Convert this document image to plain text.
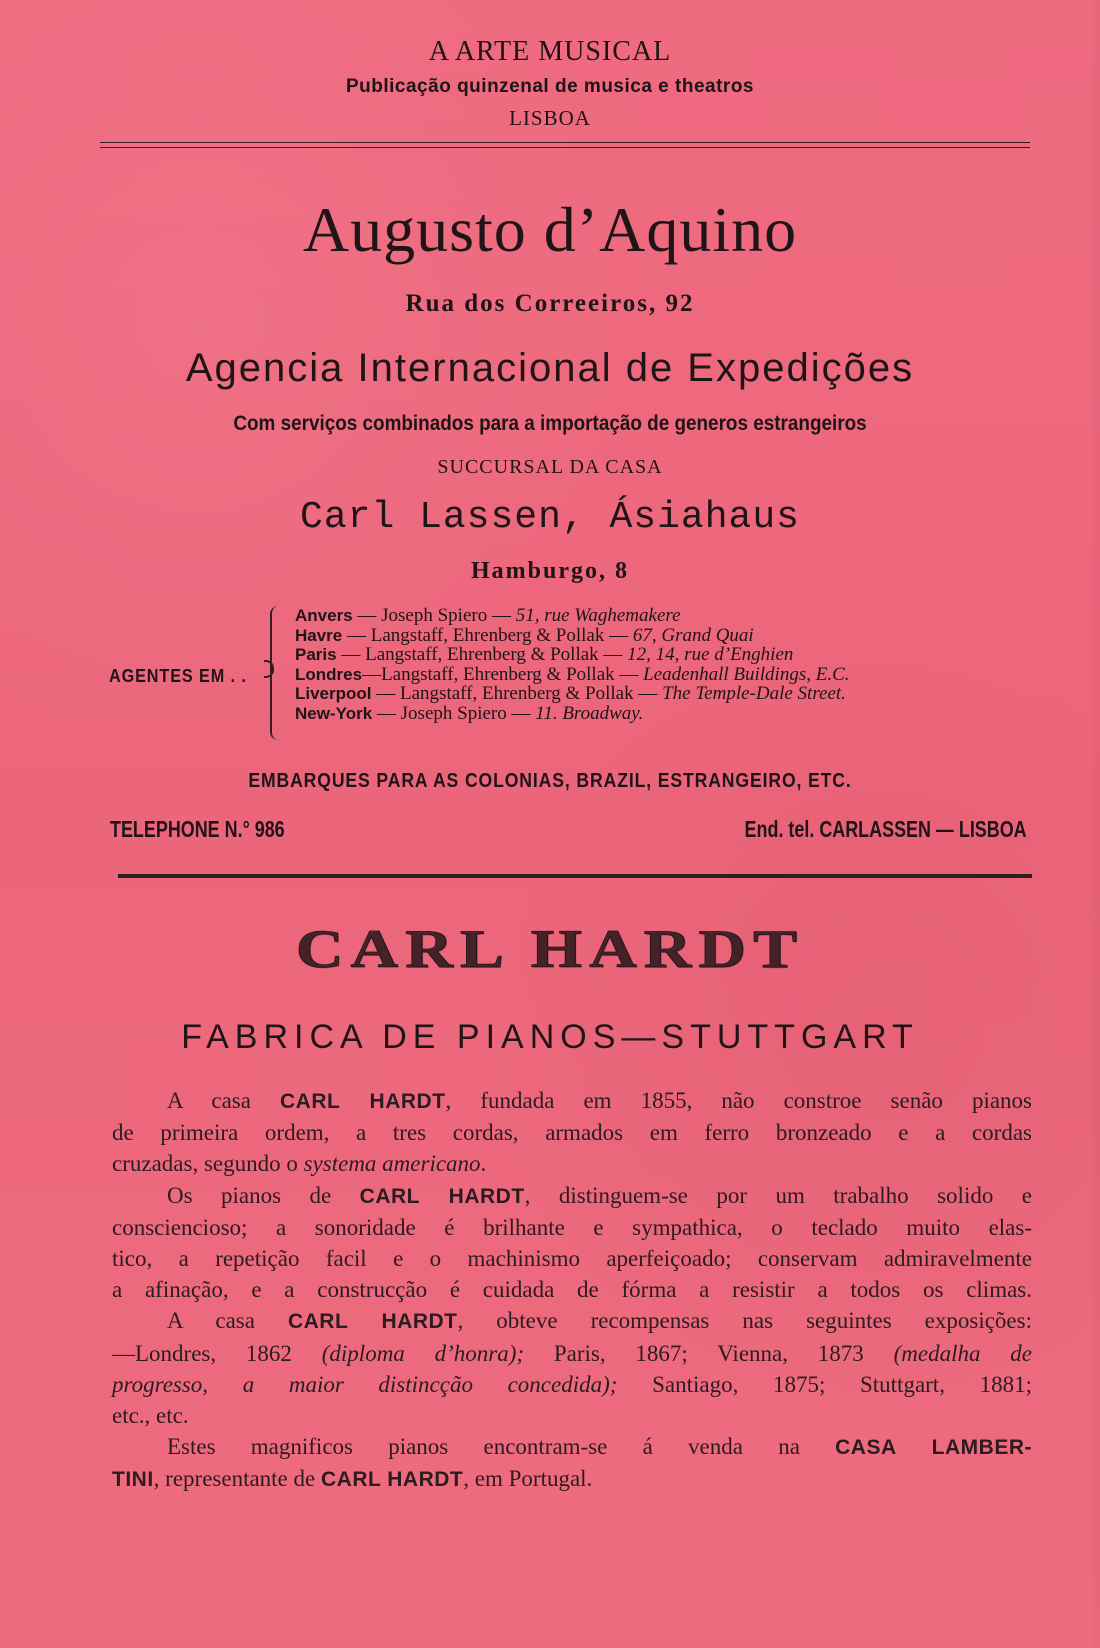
A ARTE MUSICAL
Publicação quinzenal de musica e theatros
LISBOA
Augusto d’Aquino
Rua dos Correeiros, 92
Agencia Internacional de Expedições
Com serviços combinados para a importação de generos estrangeiros
SUCCURSAL DA CASA
Carl Lassen, Ásiahaus
Hamburgo, 8
AGENTES EM . .
Anvers — Joseph Spiero — 51, rue Waghemakere
Havre — Langstaff, Ehrenberg & Pollak — 67, Grand Quai
Paris — Langstaff, Ehrenberg & Pollak — 12, 14, rue d’Enghien
Londres—Langstaff, Ehrenberg & Pollak — Leadenhall Buildings, E.C.
Liverpool — Langstaff, Ehrenberg & Pollak — The Temple-Dale Street.
New-York — Joseph Spiero — 11. Broadway.
EMBARQUES PARA AS COLONIAS, BRAZIL, ESTRANGEIRO, ETC.
TELEPHONE N.° 986	End. tel. CARLASSEN — LISBOA
CARL HARDT
FABRICA DE PIANOS—STUTTGART
A casa CARL HARDT, fundada em 1855, não constroe senão pianos
de primeira ordem, a tres cordas, armados em ferro bronzeado e a cordas
cruzadas, segundo o systema americano.
Os pianos de CARL HARDT, distinguem-se por um trabalho solido e
consciencioso; a sonoridade é brilhante e sympathica, o teclado muito elas-
tico, a repetição facil e o machinismo aperfeiçoado; conservam admiravelmente
a afinação, e a construcção é cuidada de fórma a resistir a todos os climas.
A casa CARL HARDT, obteve recompensas nas seguintes exposições:
—Londres, 1862 (diploma d’honra); Paris, 1867; Vienna, 1873 (medalha de
progresso, a maior distincção concedida); Santiago, 1875; Stuttgart, 1881;
etc., etc.
Estes magnificos pianos encontram-se á venda na CASA LAMBER-
TINI, representante de CARL HARDT, em Portugal.
